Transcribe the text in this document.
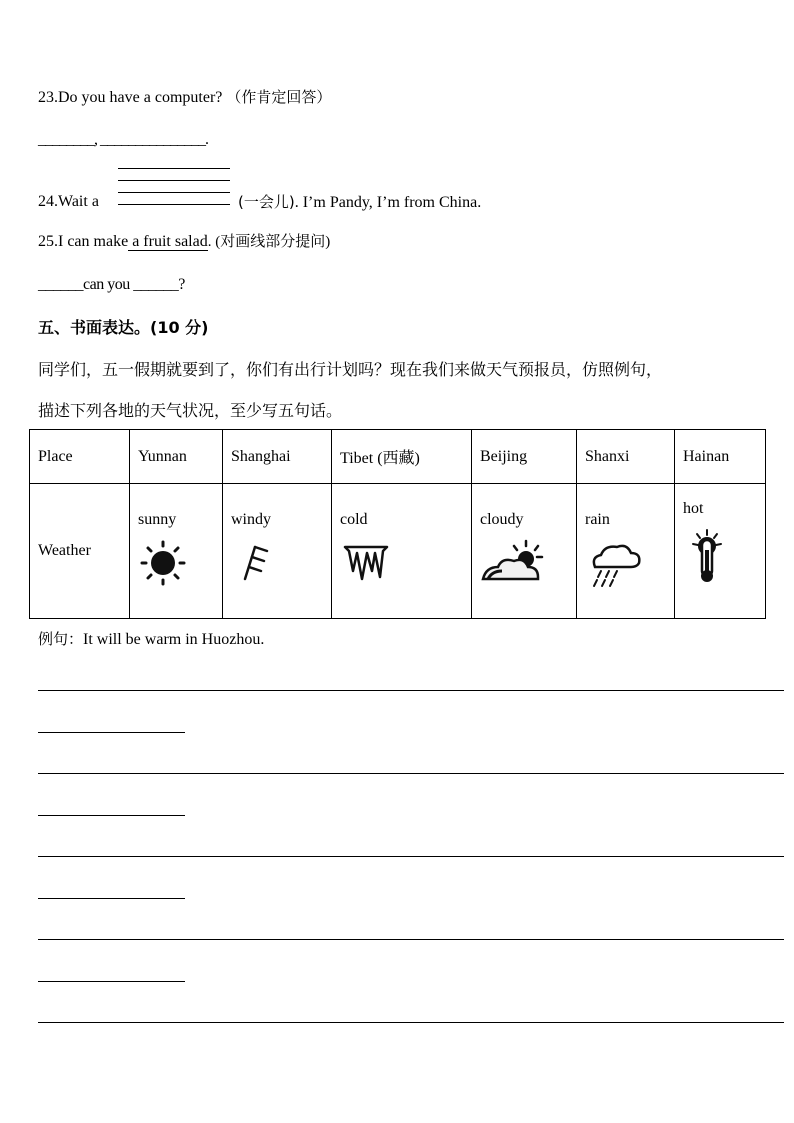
23.Do you have a computer? （作肯定回答）
________, _______________.
24.Wait a	(一会儿). I’m Pandy, I’m from China.
25.I can make a fruit salad. (对画线部分提问)
______can you ______?
五、书面表达。(10 分)
同学们，五一假期就要到了，你们有出行计划吗？现在我们来做天气预报员，仿照例句，
描述下列各地的天气状况，至少写五句话。
Place	Yunnan	Shanghai	Tibet (西藏)	Beijing	Shanxi	Hainan
Weather	sunny	windy	cold	cloudy	rain	hot
例句：It will be warm in Huozhou.
